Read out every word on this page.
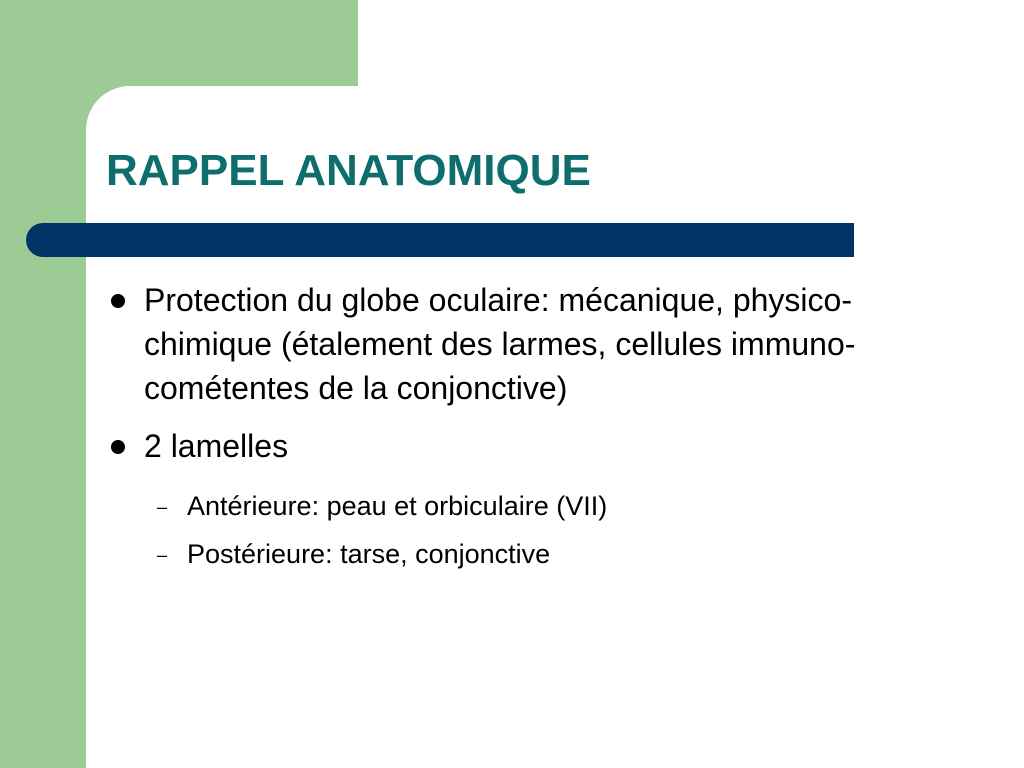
RAPPEL ANATOMIQUE
Protection du globe oculaire: mécanique, physico-chimique (étalement des larmes, cellules immuno-cométentes de la conjonctive)
2 lamelles
– Antérieure: peau et orbiculaire (VII)
– Postérieure: tarse, conjonctive
